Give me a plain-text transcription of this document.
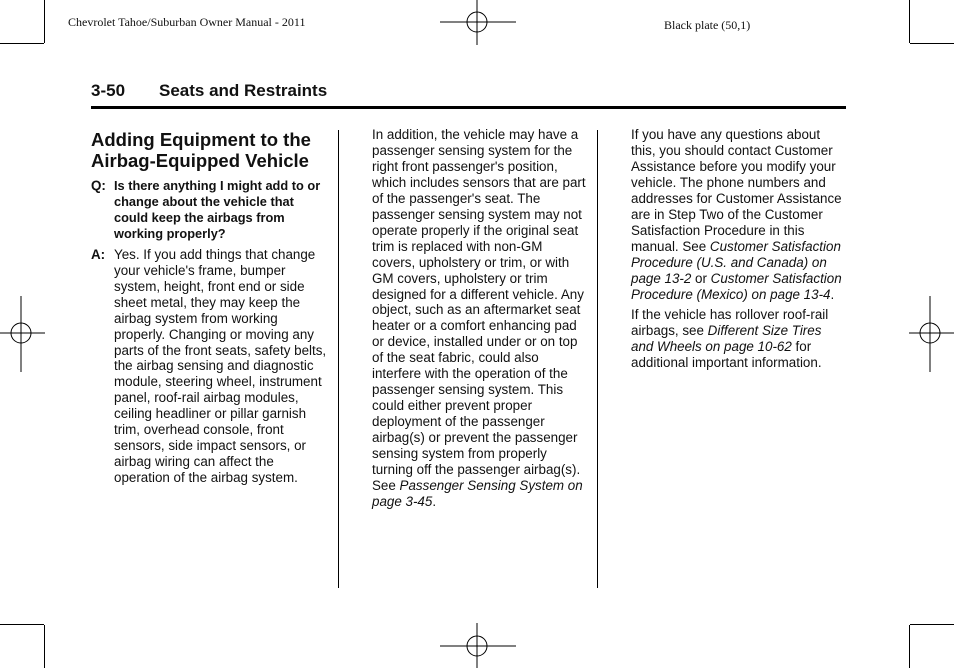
Chevrolet Tahoe/Suburban Owner Manual - 2011	Black plate (50,1)
3-50 Seats and Restraints
Adding Equipment to the
Airbag-Equipped Vehicle
Q: Is there anything I might add to or change about the vehicle that could keep the airbags from working properly?
A: Yes. If you add things that change your vehicle's frame, bumper system, height, front end or side sheet metal, they may keep the airbag system from working properly. Changing or moving any parts of the front seats, safety belts, the airbag sensing and diagnostic module, steering wheel, instrument panel, roof-rail airbag modules, ceiling headliner or pillar garnish trim, overhead console, front sensors, side impact sensors, or airbag wiring can affect the operation of the airbag system.

In addition, the vehicle may have a passenger sensing system for the right front passenger's position, which includes sensors that are part of the passenger's seat. The passenger sensing system may not operate properly if the original seat trim is replaced with non-GM covers, upholstery or trim, or with GM covers, upholstery or trim designed for a different vehicle. Any object, such as an aftermarket seat heater or a comfort enhancing pad or device, installed under or on top of the seat fabric, could also interfere with the operation of the passenger sensing system. This could either prevent proper deployment of the passenger airbag(s) or prevent the passenger sensing system from properly turning off the passenger airbag(s). See Passenger Sensing System on page 3-45.

If you have any questions about this, you should contact Customer Assistance before you modify your vehicle. The phone numbers and addresses for Customer Assistance are in Step Two of the Customer Satisfaction Procedure in this manual. See Customer Satisfaction Procedure (U.S. and Canada) on page 13-2 or Customer Satisfaction Procedure (Mexico) on page 13-4.

If the vehicle has rollover roof-rail airbags, see Different Size Tires and Wheels on page 10-62 for additional important information.
